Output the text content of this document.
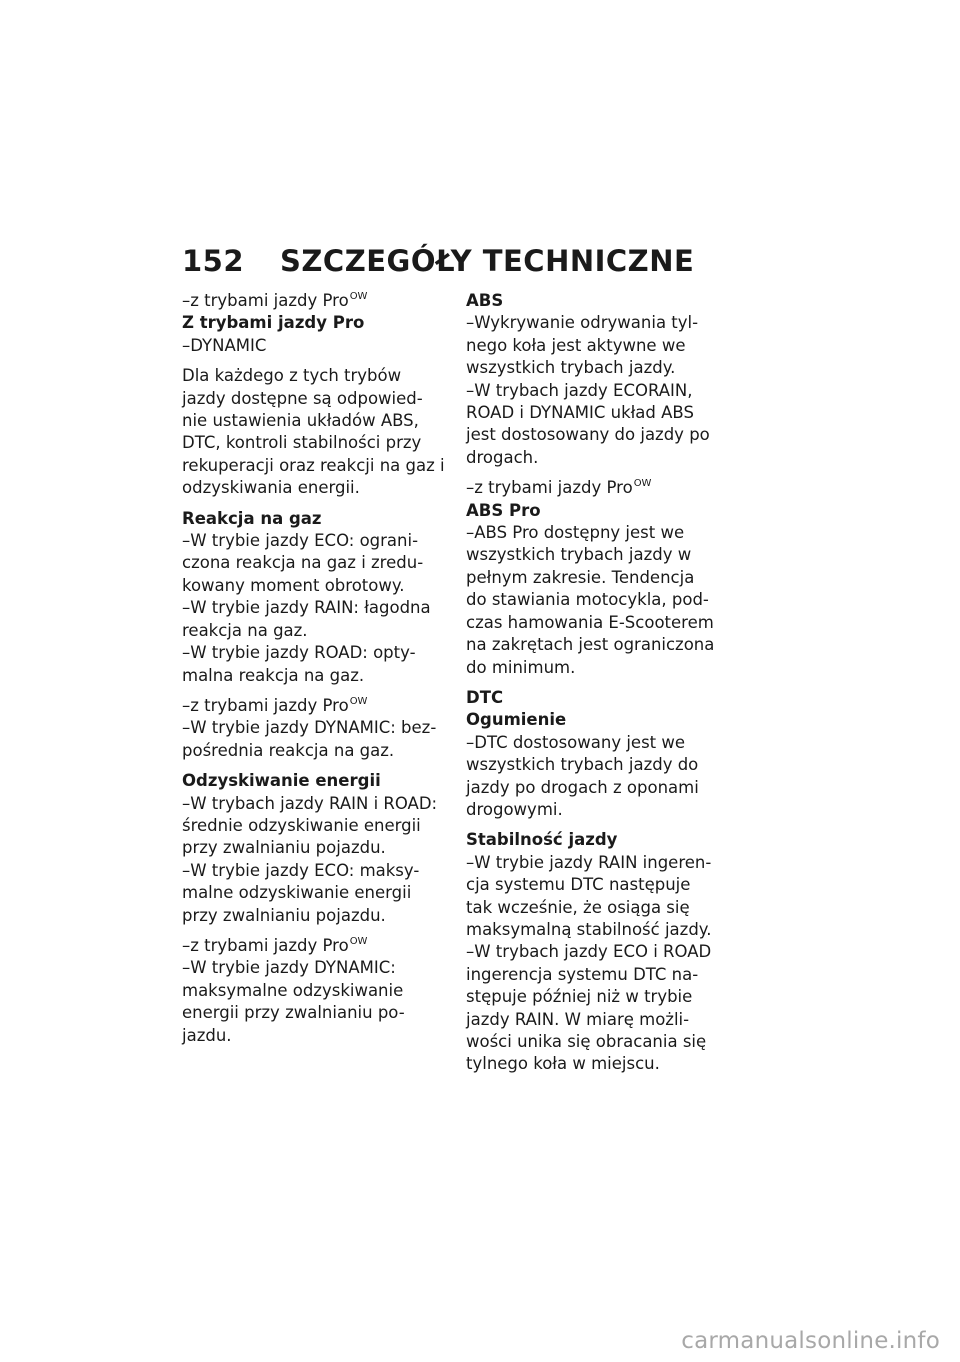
152 SZCZEGÓŁY TECHNICZNE
–z trybami jazdy Pro$^{OW}$
Z trybami jazdy Pro
–DYNAMIC
Dla każdego z tych trybów
jazdy dostępne są odpowied-
nie ustawienia układów ABS,
DTC, kontroli stabilności przy
rekuperacji oraz reakcji na gaz i
odzyskiwania energii.
Reakcja na gaz
–W trybie jazdy ECO: ograni-
czona reakcja na gaz i zredu-
kowany moment obrotowy.
–W trybie jazdy RAIN: łagodna
reakcja na gaz.
–W trybie jazdy ROAD: opty-
malna reakcja na gaz.
–z trybami jazdy Pro$^{OW}$
–W trybie jazdy DYNAMIC: bez-
pośrednia reakcja na gaz.
Odzyskiwanie energii
–W trybach jazdy RAIN i ROAD:
średnie odzyskiwanie energii
przy zwalnianiu pojazdu.
–W trybie jazdy ECO: maksy-
malne odzyskiwanie energii
przy zwalnianiu pojazdu.
–z trybami jazdy Pro$^{OW}$
–W trybie jazdy DYNAMIC:
maksymalne odzyskiwanie
energii przy zwalnianiu po-
jazdu.
ABS
–Wykrywanie odrywania tyl-
nego koła jest aktywne we
wszystkich trybach jazdy.
–W trybach jazdy ECORAIN,
ROAD i DYNAMIC układ ABS
jest dostosowany do jazdy po
drogach.
–z trybami jazdy Pro$^{OW}$
ABS Pro
–ABS Pro dostępny jest we
wszystkich trybach jazdy w
pełnym zakresie. Tendencja
do stawiania motocykla, pod-
czas hamowania E-Scooterem
na zakrętach jest ograniczona
do minimum.
DTC
Ogumienie
–DTC dostosowany jest we
wszystkich trybach jazdy do
jazdy po drogach z oponami
drogowymi.
Stabilność jazdy
–W trybie jazdy RAIN ingeren-
cja systemu DTC następuje
tak wcześnie, że osiąga się
maksymalną stabilność jazdy.
–W trybach jazdy ECO i ROAD
ingerencja systemu DTC na-
stępuje później niż w trybie
jazdy RAIN. W miarę możli-
wości unika się obracania się
tylnego koła w miejscu.
carmanualsonline.info
